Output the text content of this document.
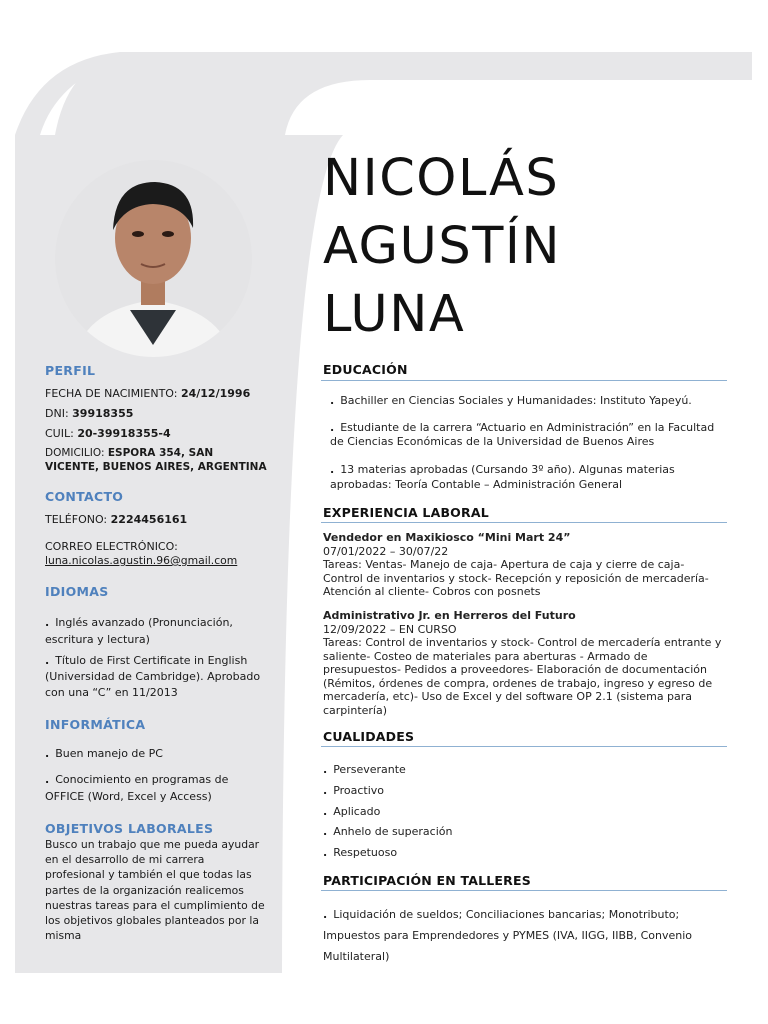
PERFIL
FECHA DE NACIMIENTO: 24/12/1996
DNI: 39918355
CUIL: 20-39918355-4
DOMICILIO: ESPORA 354, SAN VICENTE, BUENOS AIRES, ARGENTINA
CONTACTO
TELÉFONO: 2224456161
CORREO ELECTRÓNICO:
luna.nicolas.agustin.96@gmail.com
IDIOMAS
. Inglés avanzado (Pronunciación, escritura y lectura)
. Título de First Certificate in English (Universidad de Cambridge). Aprobado con una “C” en 11/2013
INFORMÁTICA
. Buen manejo de PC
. Conocimiento en programas de OFFICE (Word, Excel y Access)
OBJETIVOS LABORALES
Busco un trabajo que me pueda ayudar en el desarrollo de mi carrera profesional y también el que todas las partes de la organización realicemos nuestras tareas para el cumplimiento de los objetivos globales planteados por la misma
NICOLÁS
AGUSTÍN
LUNA
EDUCACIÓN
. Bachiller en Ciencias Sociales y Humanidades: Instituto Yapeyú.
. Estudiante de la carrera “Actuario en Administración” en la Facultad de Ciencias Económicas de la Universidad de Buenos Aires
. 13 materias aprobadas (Cursando 3º año). Algunas materias aprobadas: Teoría Contable – Administración General
EXPERIENCIA LABORAL
Vendedor en Maxikiosco “Mini Mart 24”
07/01/2022 – 30/07/22
Tareas: Ventas- Manejo de caja- Apertura de caja y cierre de caja- Control de inventarios y stock- Recepción y reposición de mercadería- Atención al cliente- Cobros con posnets
Administrativo Jr. en Herreros del Futuro
12/09/2022 – EN CURSO
Tareas: Control de inventarios y stock- Control de mercadería entrante y saliente- Costeo de materiales para aberturas - Armado de presupuestos- Pedidos a proveedores- Elaboración de documentación (Rémitos, órdenes de compra, ordenes de trabajo, ingreso y egreso de mercadería, etc)- Uso de Excel y del software OP 2.1 (sistema para carpintería)
CUALIDADES
. Perseverante
. Proactivo
. Aplicado
. Anhelo de superación
. Respetuoso
PARTICIPACIÓN EN TALLERES
. Liquidación de sueldos; Conciliaciones bancarias; Monotributo;
Impuestos para Emprendedores y PYMES (IVA, IIGG, IIBB, Convenio
Multilateral)
